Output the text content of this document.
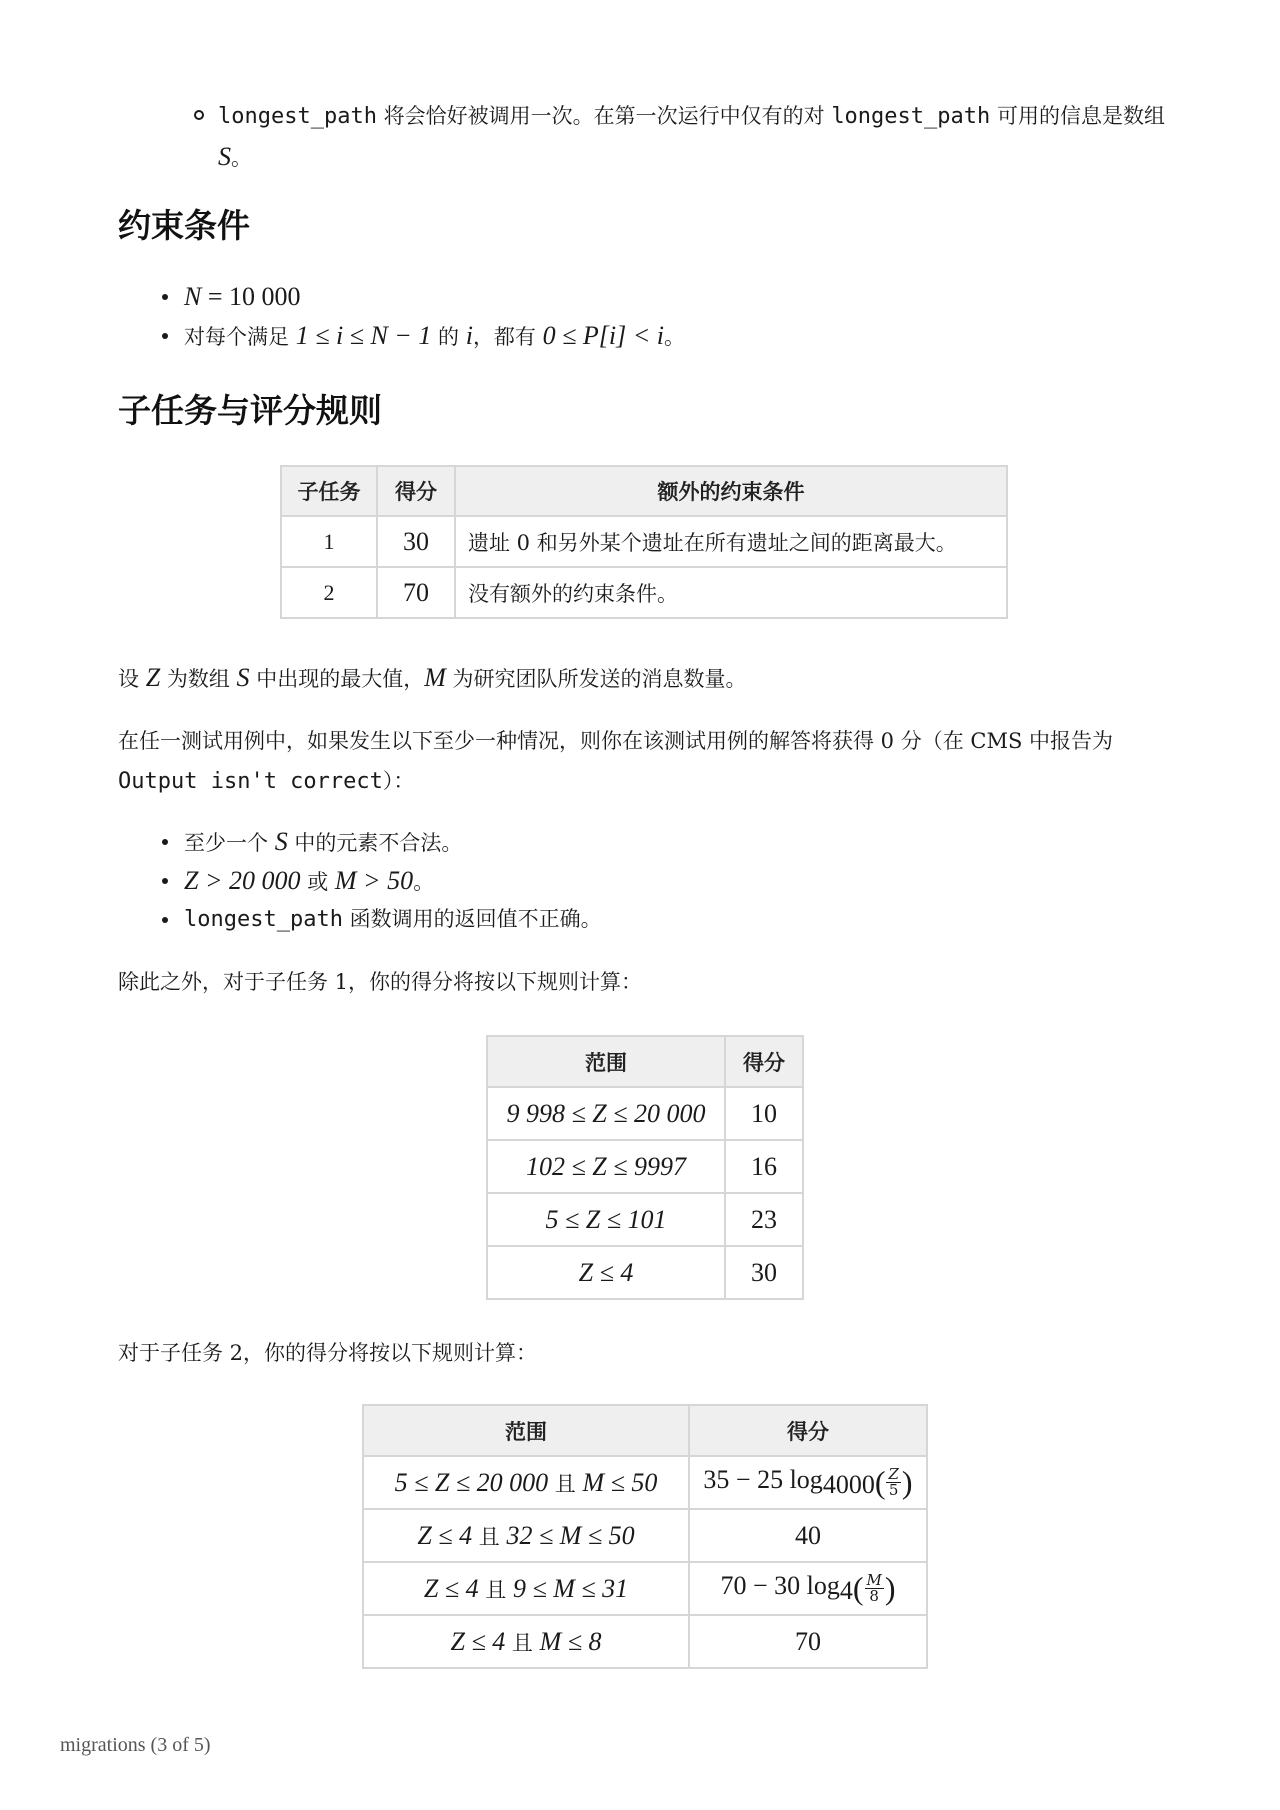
longest_path 将会恰好被调用一次。在第一次运行中仅有的对 longest_path 可用的信息是数组 S。
约束条件
N = 10 000
对每个满足 1 ≤ i ≤ N − 1 的 i，都有 0 ≤ P[i] < i。
子任务与评分规则
子任务	得分	额外的约束条件
1	30	遗址 0 和另外某个遗址在所有遗址之间的距离最大。
2	70	没有额外的约束条件。

设 Z 为数组 S 中出现的最大值，M 为研究团队所发送的消息数量。

在任一测试用例中，如果发生以下至少一种情况，则你在该测试用例的解答将获得 0 分（在 CMS 中报告为 Output isn't correct）：

至少一个 S 中的元素不合法。
Z > 20 000 或 M > 50。
longest_path 函数调用的返回值不正确。

除此之外，对于子任务 1，你的得分将按以下规则计算：

范围	得分
9 998 ≤ Z ≤ 20 000	10
102 ≤ Z ≤ 9997	16
5 ≤ Z ≤ 101	23
Z ≤ 4	30

对于子任务 2，你的得分将按以下规则计算：

范围	得分
5 ≤ Z ≤ 20 000 且 M ≤ 50	35 − 25 $\log_{4000}( \frac{Z}{5}$ )
Z ≤ 4 且 32 ≤ M ≤ 50	40
Z ≤ 4 且 9 ≤ M ≤ 31	70 − 30 $\log_4( \frac{M}{8}$ )
Z ≤ 4 且 M ≤ 8	70
migrations (3 of 5)
